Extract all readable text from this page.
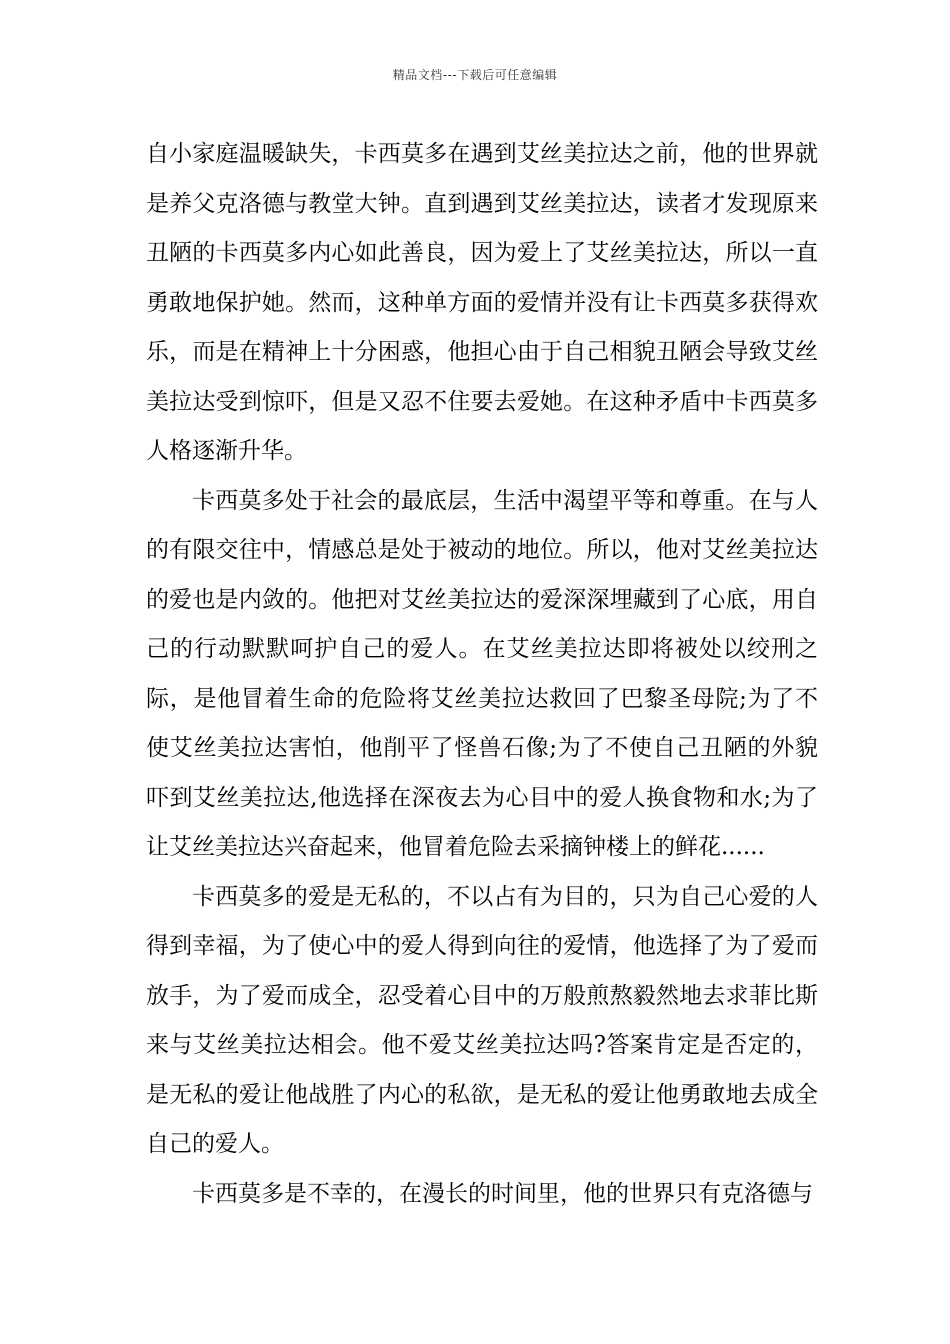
精品文档---下载后可任意编辑

自小家庭温暖缺失，卡西莫多在遇到艾丝美拉达之前，他的世界就是养父克洛德与教堂大钟。直到遇到艾丝美拉达，读者才发现原来丑陋的卡西莫多内心如此善良，因为爱上了艾丝美拉达，所以一直勇敢地保护她。然而，这种单方面的爱情并没有让卡西莫多获得欢乐，而是在精神上十分困惑，他担心由于自己相貌丑陋会导致艾丝美拉达受到惊吓，但是又忍不住要去爱她。在这种矛盾中卡西莫多人格逐渐升华。

卡西莫多处于社会的最底层，生活中渴望平等和尊重。在与人的有限交往中，情感总是处于被动的地位。所以，他对艾丝美拉达的爱也是内敛的。他把对艾丝美拉达的爱深深埋藏到了心底，用自己的行动默默呵护自己的爱人。在艾丝美拉达即将被处以绞刑之际，是他冒着生命的危险将艾丝美拉达救回了巴黎圣母院;为了不使艾丝美拉达害怕，他削平了怪兽石像;为了不使自己丑陋的外貌吓到艾丝美拉达,他选择在深夜去为心目中的爱人换食物和水;为了让艾丝美拉达兴奋起来，他冒着危险去采摘钟楼上的鲜花......

卡西莫多的爱是无私的，不以占有为目的，只为自己心爱的人得到幸福，为了使心中的爱人得到向往的爱情，他选择了为了爱而放手，为了爱而成全，忍受着心目中的万般煎熬毅然地去求菲比斯来与艾丝美拉达相会。他不爱艾丝美拉达吗?答案肯定是否定的，是无私的爱让他战胜了内心的私欲，是无私的爱让他勇敢地去成全自己的爱人。

卡西莫多是不幸的，在漫长的时间里，他的世界只有克洛德与
